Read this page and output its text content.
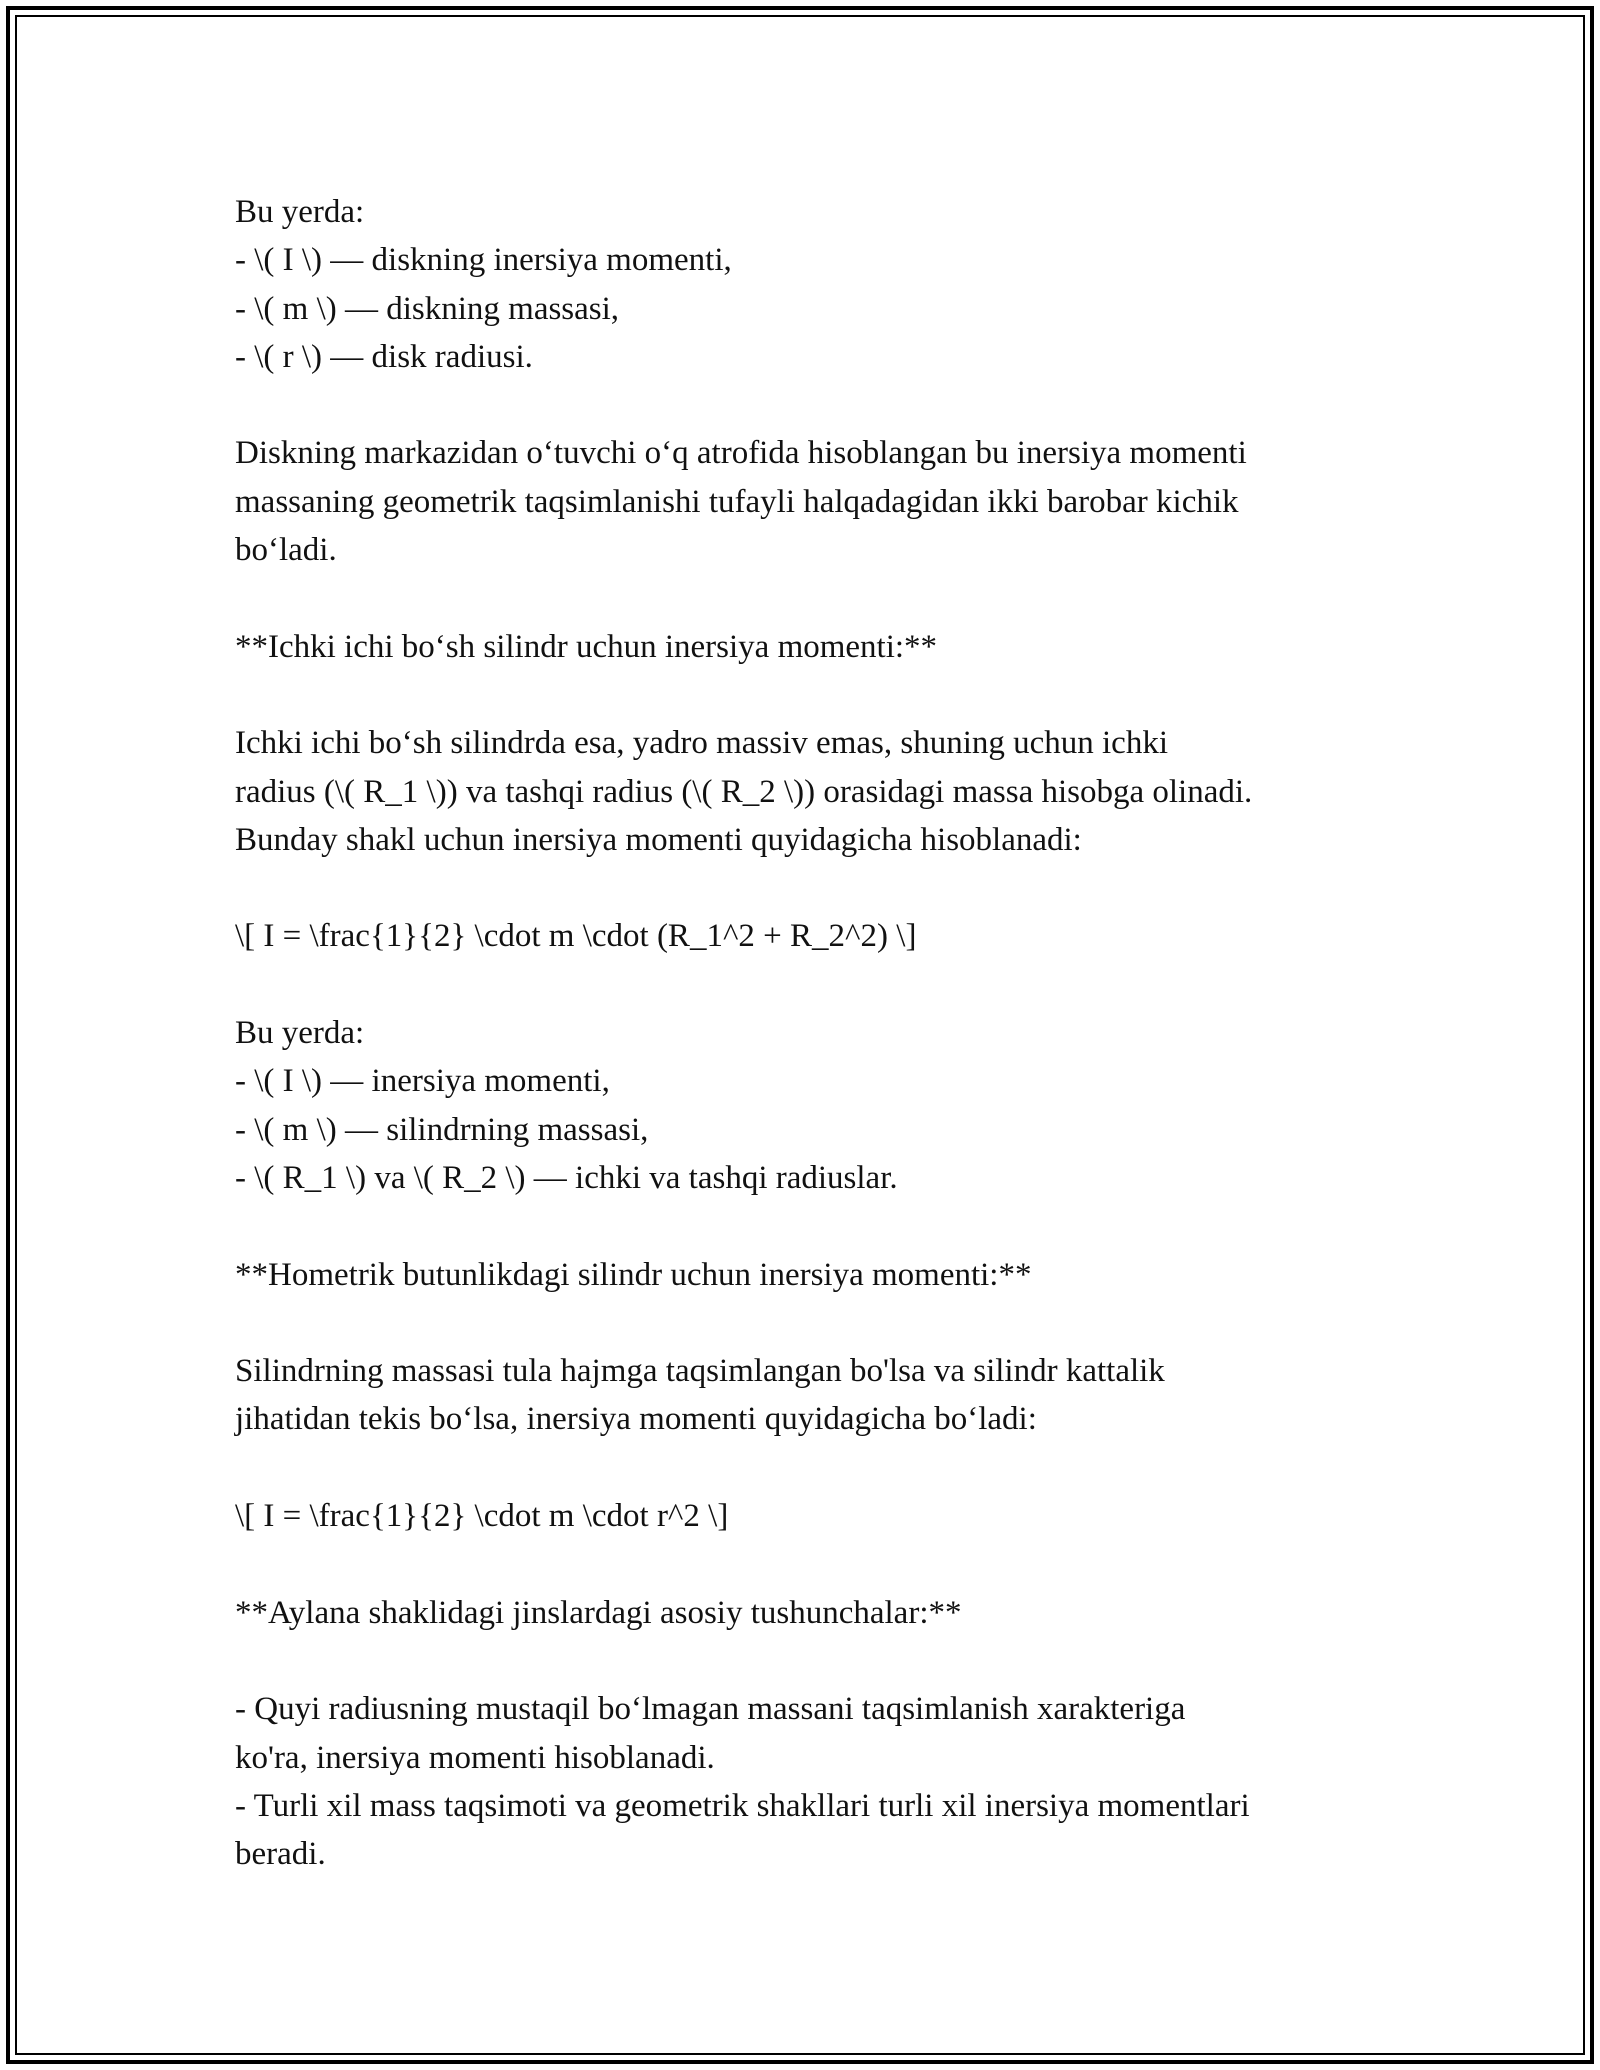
Bu yerda:
- \( I \) — diskning inersiya momenti,
- \( m \) — diskning massasi,
- \( r \) — disk radiusi.
Diskning markazidan o‘tuvchi o‘q atrofida hisoblangan bu inersiya momenti
massaning geometrik taqsimlanishi tufayli halqadagidan ikki barobar kichik
bo‘ladi.
**Ichki ichi bo‘sh silindr uchun inersiya momenti:**
Ichki ichi bo‘sh silindrda esa, yadro massiv emas, shuning uchun ichki
radius (\( R_1 \)) va tashqi radius (\( R_2 \)) orasidagi massa hisobga olinadi.
Bunday shakl uchun inersiya momenti quyidagicha hisoblanadi:
\[ I = \frac{1}{2} \cdot m \cdot (R_1^2 + R_2^2) \]
Bu yerda:
- \( I \) — inersiya momenti,
- \( m \) — silindrning massasi,
- \( R_1 \) va \( R_2 \) — ichki va tashqi radiuslar.
**Hometrik butunlikdagi silindr uchun inersiya momenti:**
Silindrning massasi tula hajmga taqsimlangan bo'lsa va silindr kattalik
jihatidan tekis bo‘lsa, inersiya momenti quyidagicha bo‘ladi:
\[ I = \frac{1}{2} \cdot m \cdot r^2 \]
**Aylana shaklidagi jinslardagi asosiy tushunchalar:**
- Quyi radiusning mustaqil bo‘lmagan massani taqsimlanish xarakteriga
ko'ra, inersiya momenti hisoblanadi.
- Turli xil mass taqsimoti va geometrik shakllari turli xil inersiya momentlari
beradi.
